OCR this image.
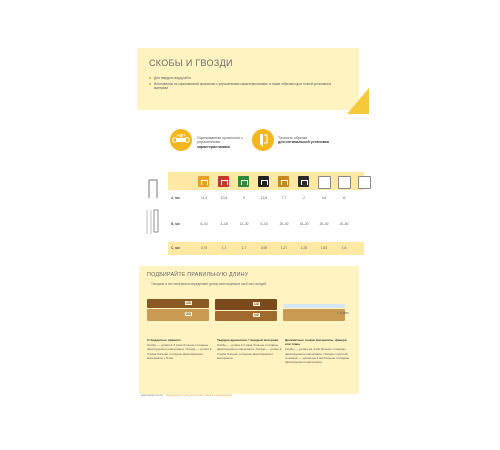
СКОБЫ И ГВОЗДИ
Для твердого ворд работ
Изготовлены из оцинкованной проволоки с улучшенными характеристиками, а также обрезаны для точной установки в материал
НДП
Оцинкованная проволока с улучшенными
характеристиками
Точность обрезки
для оптимальной установки
A, мм	11,3	10,6	9	12,8	7,7	2	0,6	11
B, мм	6–10	4–18	12–30	6–16	20–40	15–20	20–30	20–60
C, мм	0,75	1,2	1,7	0,95	1,27	1,25	1,63	1,6
ПОДБИРАЙТЕ ПРАВИЛЬНУЮ ДЛИНУ
Толщина и тип материала определяют длину используемых скоб или гвоздей
1/3
2/3
1/2
1/2	< 4 mm
Стандартное правило
Скобы — длина в 3 раза больше толщины фиксируемого материала. Гвозди — длина в 3 раза больше толщины фиксируемого материала + 5 мм
Твердая древесина / твердый материал
Скобы — длина в 2 раза больше толщины фиксируемого материала. Гвозди — длина в 2 раза больше толщины фиксируемого материала
Деликатные тонкие материалы, фанера или ткань
Скобы — длина на 4 мм больше толщины фиксируемого материала. Гвозди с круглой головкой — длина на 4 мм больше толщины фиксируемого материала
www.rapid.com/ru · Применяются для крепления тканей и материалов
